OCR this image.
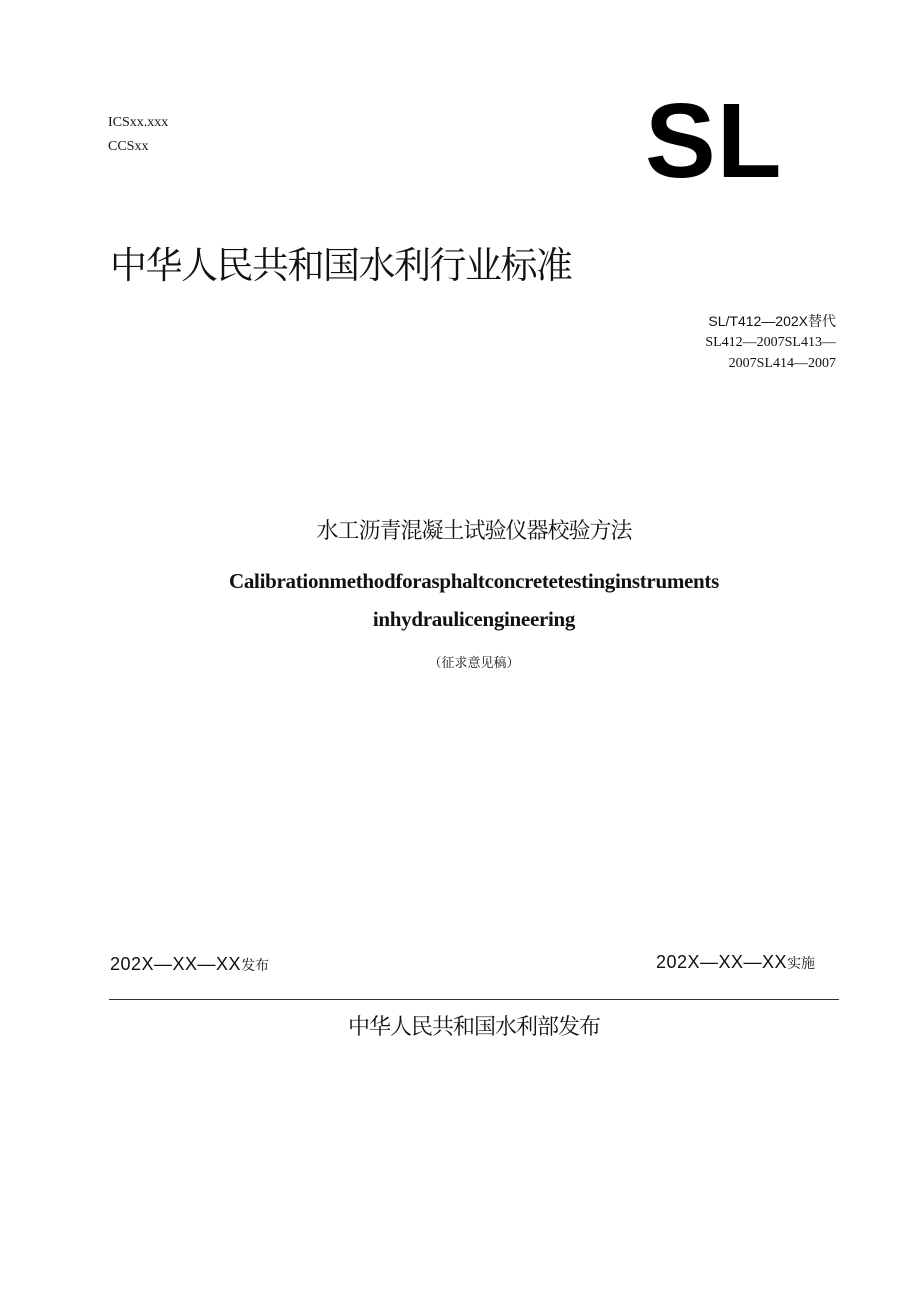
ICSxx.xxx
CCSxx	SL
中华人民共和国水利行业标准
SL/T412—202X替代
SL412—2007SL413—
2007SL414—2007
水工沥青混凝土试验仪器校验方法
Calibrationmethodforasphaltconcretetestinginstruments
inhydraulicengineering
（征求意见稿）
202X—XX—XX发布	202X—XX—XX实施
中华人民共和国水利部发布
